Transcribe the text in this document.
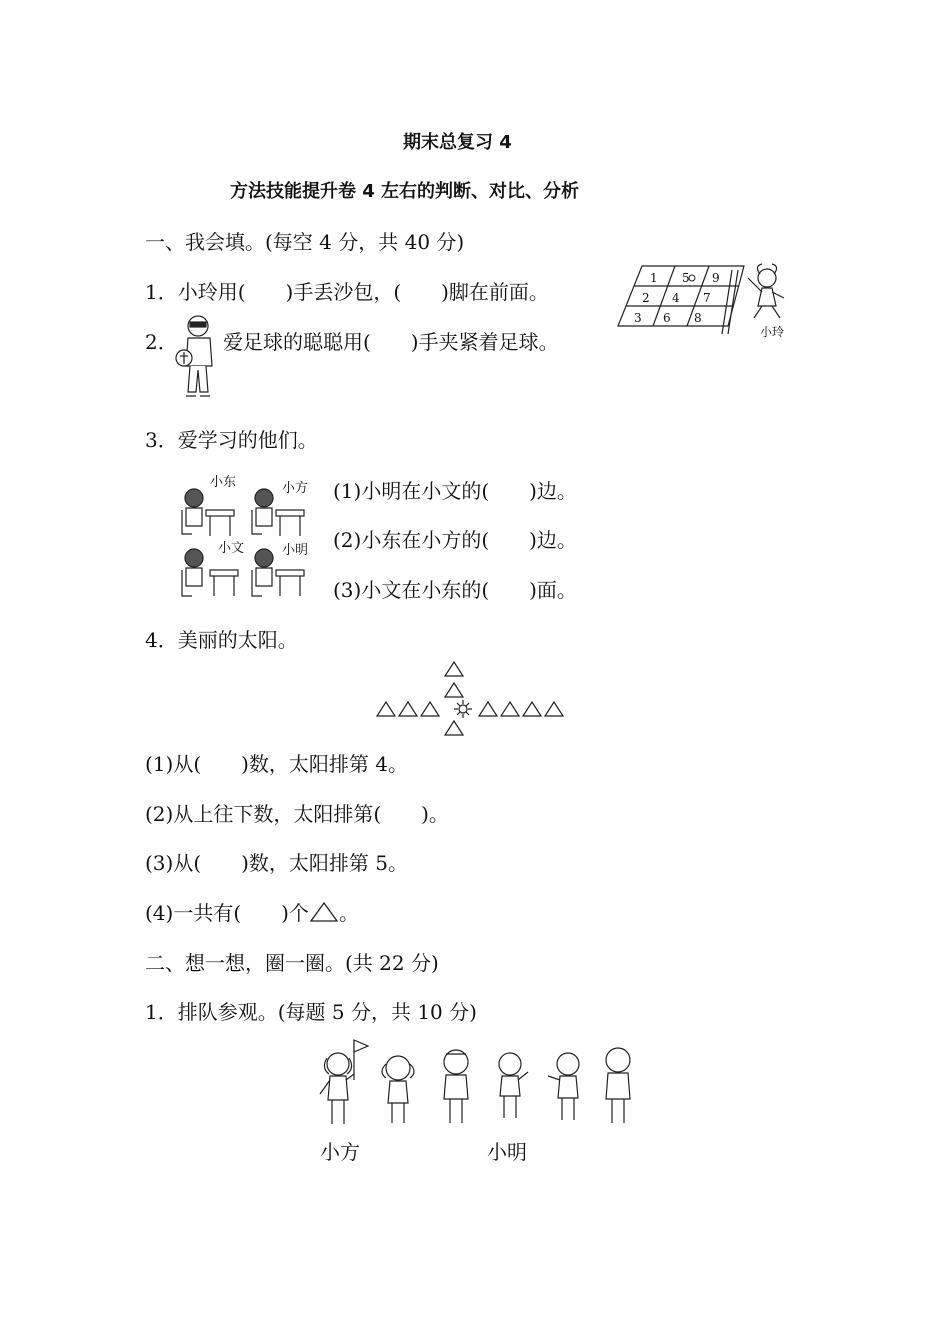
期末总复习 4
方法技能提升卷 4 左右的判断、对比、分析
一、我会填。(每空 4 分，共 40 分)
1．小玲用(　　)手丢沙包，(　　)脚在前面。
1 5 9
2 4 7
3 6 8
小玲
2． 爱足球的聪聪用(　　)手夹紧着足球。
3．爱学习的他们。
小东	小方
小文	小明
(1)小明在小文的(　　)边。
(2)小东在小方的(　　)边。
(3)小文在小东的(　　)面。
4．美丽的太阳。
(1)从(　　)数，太阳排第 4。
(2)从上往下数，太阳排第(　　)。
(3)从(　　)数，太阳排第 5。
(4)一共有(　　)个 。
二、想一想，圈一圈。(共 22 分)
1．排队参观。(每题 5 分，共 10 分)
小方	小明
